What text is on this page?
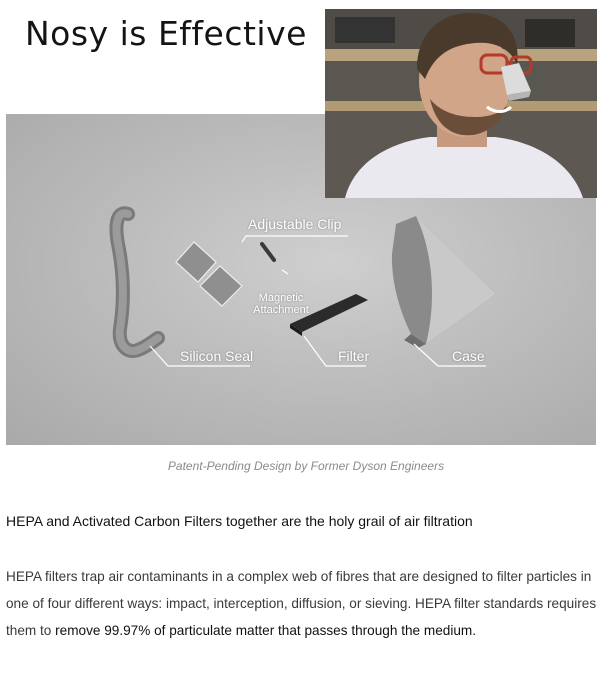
Nosy is Effective
Adjustable Clip
Magnetic
Attachment
Silicon Seal	Filter	Case
Patent-Pending Design by Former Dyson Engineers
HEPA and Activated Carbon Filters together are the holy grail of air filtration
HEPA filters trap air contaminants in a complex web of fibres that are designed to filter particles in one of four different ways: impact, interception, diffusion, or sieving. HEPA filter standards requires them to remove 99.97% of particulate matter that passes through the medium.
